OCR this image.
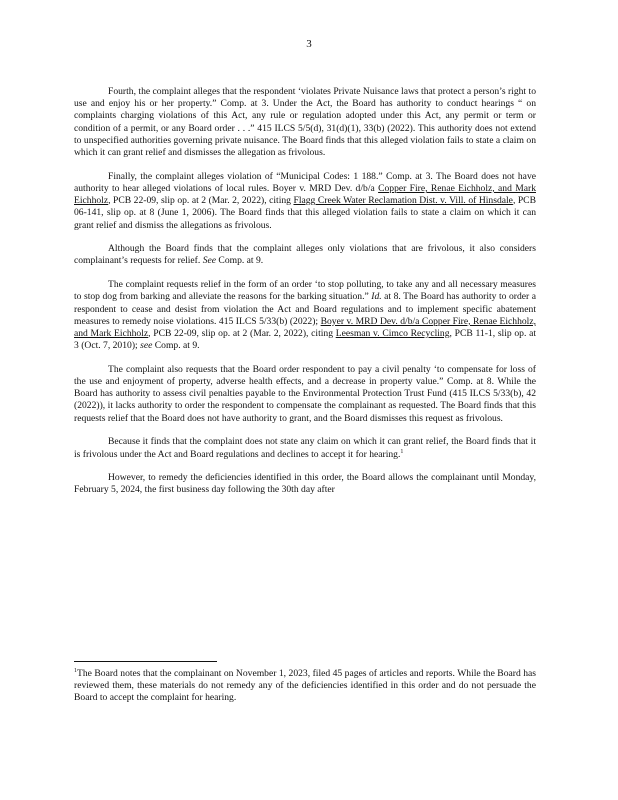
3

Fourth, the complaint alleges that the respondent ‘violates Private Nuisance laws that protect a person’s right to use and enjoy his or her property.” Comp. at 3. Under the Act, the Board has authority to conduct hearings “ on complaints charging violations of this Act, any rule or regulation adopted under this Act, any permit or term or condition of a permit, or any Board order . . .” 415 ILCS 5/5(d), 31(d)(1), 33(b) (2022). This authority does not extend to unspecified authorities governing private nuisance. The Board finds that this alleged violation fails to state a claim on which it can grant relief and dismisses the allegation as frivolous.

Finally, the complaint alleges violation of “Municipal Codes: 1 188.” Comp. at 3. The Board does not have authority to hear alleged violations of local rules. Boyer v. MRD Dev. d/b/a Copper Fire, Renae Eichholz, and Mark Eichholz, PCB 22-09, slip op. at 2 (Mar. 2, 2022), citing Flagg Creek Water Reclamation Dist. v. Vill. of Hinsdale, PCB 06-141, slip op. at 8 (June 1, 2006). The Board finds that this alleged violation fails to state a claim on which it can grant relief and dismiss the allegations as frivolous.

Although the Board finds that the complaint alleges only violations that are frivolous, it also considers complainant’s requests for relief. See Comp. at 9.

The complaint requests relief in the form of an order ‘to stop polluting, to take any and all necessary measures to stop dog from barking and alleviate the reasons for the barking situation.” Id. at 8. The Board has authority to order a respondent to cease and desist from violation the Act and Board regulations and to implement specific abatement measures to remedy noise violations. 415 ILCS 5/33(b) (2022); Boyer v. MRD Dev. d/b/a Copper Fire, Renae Eichholz, and Mark Eichholz, PCB 22-09, slip op. at 2 (Mar. 2, 2022), citing Leesman v. Cimco Recycling, PCB 11-1, slip op. at 3 (Oct. 7, 2010); see Comp. at 9.

The complaint also requests that the Board order respondent to pay a civil penalty ‘to compensate for loss of the use and enjoyment of property, adverse health effects, and a decrease in property value.” Comp. at 8. While the Board has authority to assess civil penalties payable to the Environmental Protection Trust Fund (415 ILCS 5/33(b), 42 (2022)), it lacks authority to order the respondent to compensate the complainant as requested. The Board finds that this requests relief that the Board does not have authority to grant, and the Board dismisses this request as frivolous.

Because it finds that the complaint does not state any claim on which it can grant relief, the Board finds that it is frivolous under the Act and Board regulations and declines to accept it for hearing.$^1$

However, to remedy the deficiencies identified in this order, the Board allows the complainant until Monday, February 5, 2024, the first business day following the 30th day after

$^1$The Board notes that the complainant on November 1, 2023, filed 45 pages of articles and reports. While the Board has reviewed them, these materials do not remedy any of the deficiencies identified in this order and do not persuade the Board to accept the complaint for hearing.
